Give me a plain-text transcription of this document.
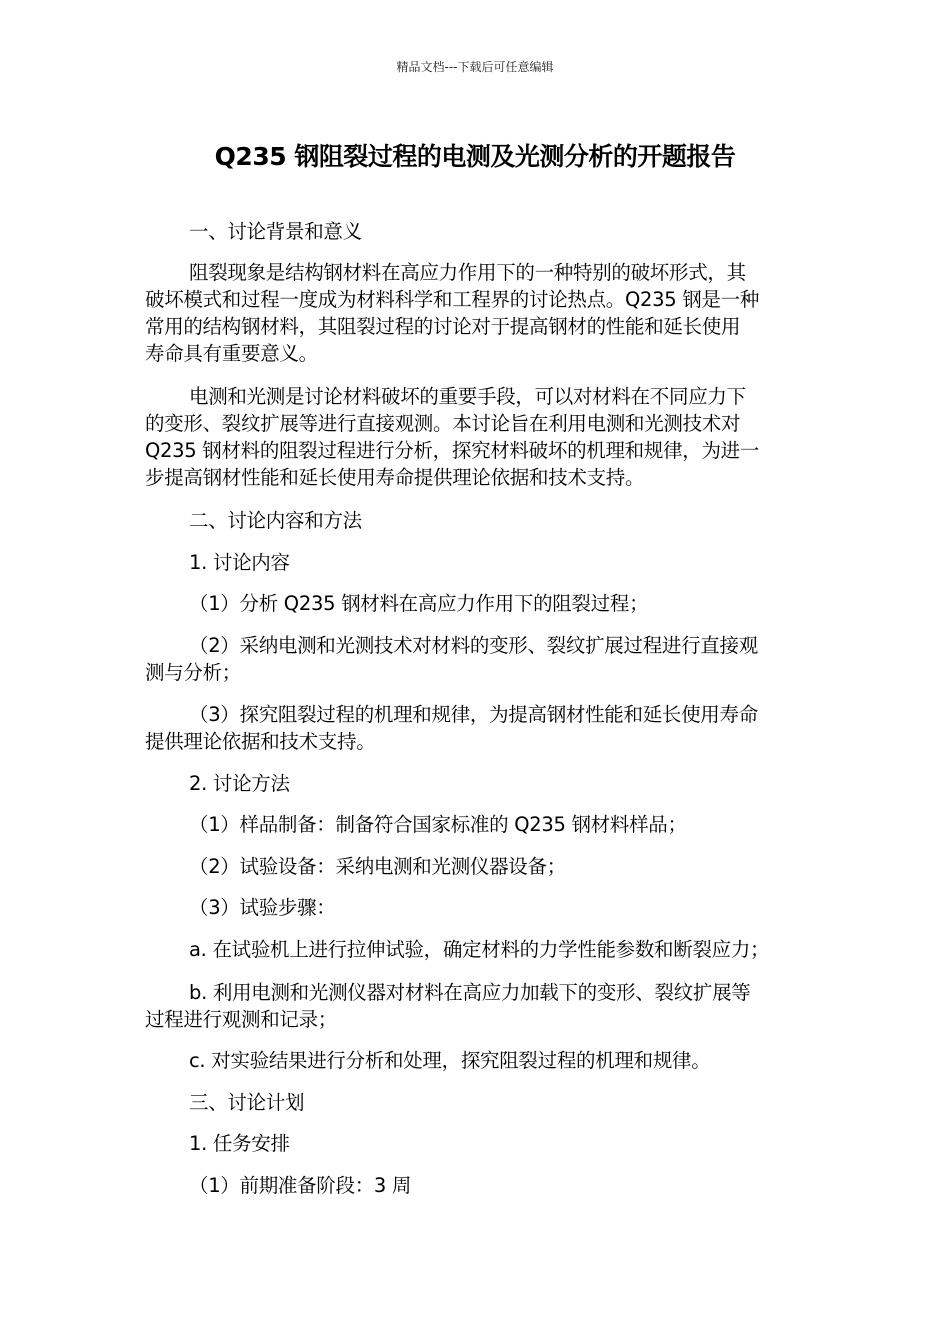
精品文档---下载后可任意编辑
Q235 钢阻裂过程的电测及光测分析的开题报告
一、讨论背景和意义
阻裂现象是结构钢材料在高应力作用下的一种特别的破坏形式，其
破坏模式和过程一度成为材料科学和工程界的讨论热点。Q235 钢是一种
常用的结构钢材料，其阻裂过程的讨论对于提高钢材的性能和延长使用
寿命具有重要意义。
电测和光测是讨论材料破坏的重要手段，可以对材料在不同应力下
的变形、裂纹扩展等进行直接观测。本讨论旨在利用电测和光测技术对
Q235 钢材料的阻裂过程进行分析，探究材料破坏的机理和规律，为进一
步提高钢材性能和延长使用寿命提供理论依据和技术支持。
二、讨论内容和方法
1. 讨论内容
（1）分析 Q235 钢材料在高应力作用下的阻裂过程；
（2）采纳电测和光测技术对材料的变形、裂纹扩展过程进行直接观
测与分析；
（3）探究阻裂过程的机理和规律，为提高钢材性能和延长使用寿命
提供理论依据和技术支持。
2. 讨论方法
（1）样品制备：制备符合国家标准的 Q235 钢材料样品；
（2）试验设备：采纳电测和光测仪器设备；
（3）试验步骤：
a. 在试验机上进行拉伸试验，确定材料的力学性能参数和断裂应力；
b. 利用电测和光测仪器对材料在高应力加载下的变形、裂纹扩展等
过程进行观测和记录；
c. 对实验结果进行分析和处理，探究阻裂过程的机理和规律。
三、讨论计划
1. 任务安排
（1）前期准备阶段：3 周
